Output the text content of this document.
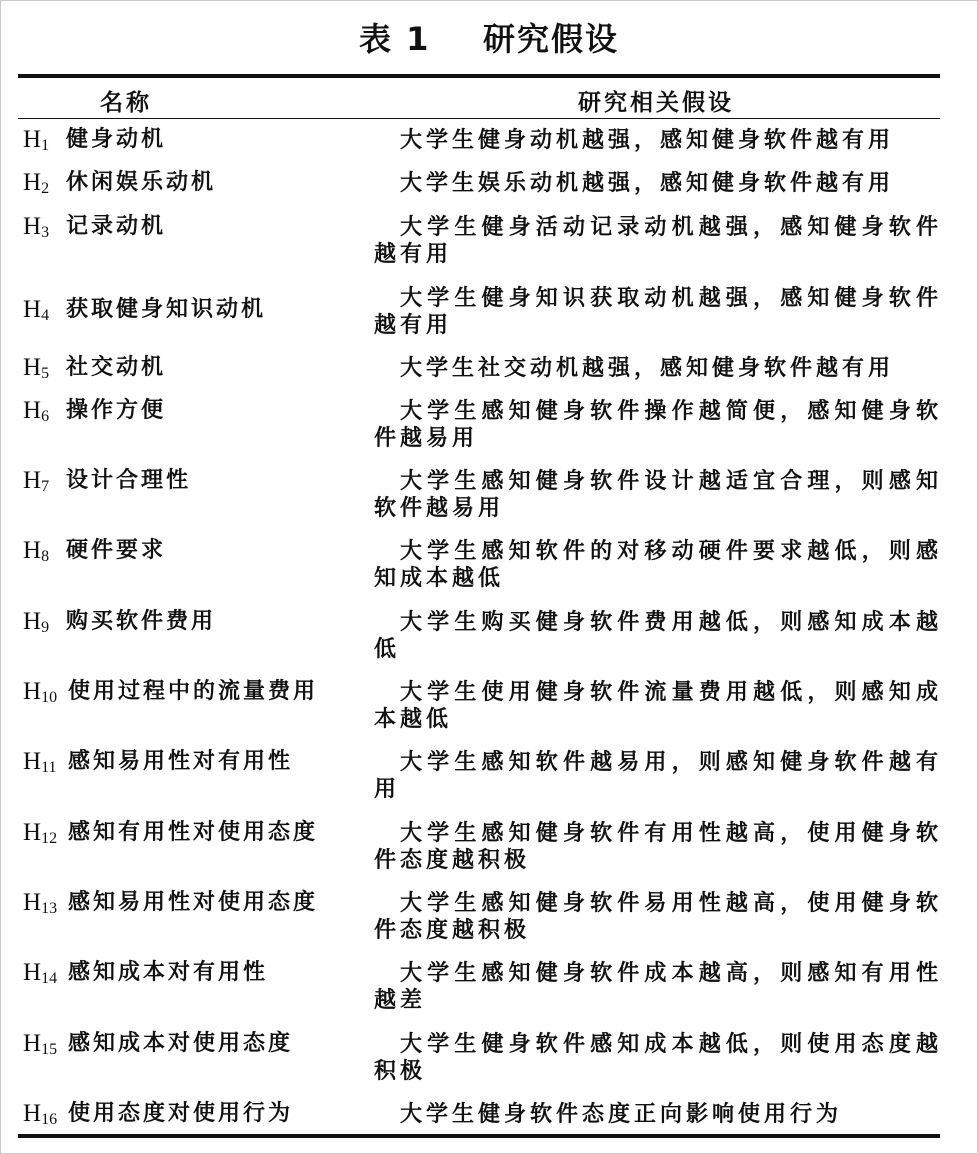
表 1    研究假设
名称	研究相关假设
$H_1$ 健身动机	大学生健身动机越强，感知健身软件越有用
$H_2$ 休闲娱乐动机	大学生娱乐动机越强，感知健身软件越有用
$H_3$ 记录动机	大学生健身活动记录动机越强，感知健身软件越有用
$H_4$ 获取健身知识动机	大学生健身知识获取动机越强，感知健身软件越有用
$H_5$ 社交动机	大学生社交动机越强，感知健身软件越有用
$H_6$ 操作方便	大学生感知健身软件操作越简便，感知健身软件越易用
$H_7$ 设计合理性	大学生感知健身软件设计越适宜合理，则感知软件越易用
$H_8$ 硬件要求	大学生感知软件的对移动硬件要求越低，则感知成本越低
$H_9$ 购买软件费用	大学生购买健身软件费用越低，则感知成本越低
$H_{10}$ 使用过程中的流量费用	大学生使用健身软件流量费用越低，则感知成本越低
$H_{11}$ 感知易用性对有用性	大学生感知软件越易用，则感知健身软件越有用
$H_{12}$ 感知有用性对使用态度	大学生感知健身软件有用性越高，使用健身软件态度越积极
$H_{13}$ 感知易用性对使用态度	大学生感知健身软件易用性越高，使用健身软件态度越积极
$H_{14}$ 感知成本对有用性	大学生感知健身软件成本越高，则感知有用性越差
$H_{15}$ 感知成本对使用态度	大学生健身软件感知成本越低，则使用态度越积极
$H_{16}$ 使用态度对使用行为	大学生健身软件态度正向影响使用行为
